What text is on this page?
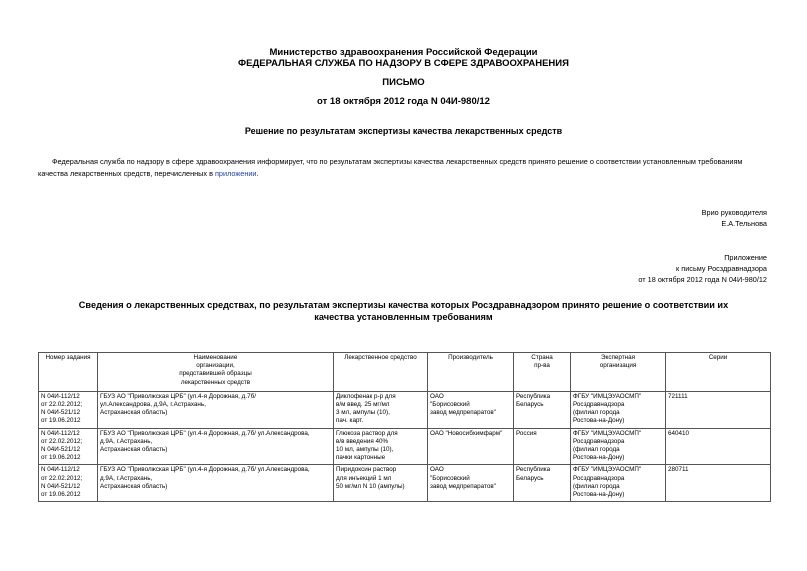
Министерство здравоохранения Российской Федерации
ФЕДЕРАЛЬНАЯ СЛУЖБА ПО НАДЗОРУ В СФЕРЕ ЗДРАВООХРАНЕНИЯ
ПИСЬМО
от 18 октября 2012 года N 04И-980/12
Решение по результатам экспертизы качества лекарственных средств
Федеральная служба по надзору в сфере здравоохранения информирует, что по результатам экспертизы качества лекарственных средств принято решение о соответствии установленным требованиям качества лекарственных средств, перечисленных в приложении.
Врио руководителя
Е.А.Тельнова
Приложение
к письму Росздравнадзора
от 18 октября 2012 года N 04И-980/12
Сведения о лекарственных средствах, по результатам экспертизы качества которых Росздравнадзором принято решение о соответствии их качества установленным требованиям
Номер задания	Наименование
организации,
представившей образцы
лекарственных средств	Лекарственное средство	Производитель	Страна
пр-ва	Экспертная
организация	Серии
N 04И-112/12
от 22.02.2012;
N 04И-521/12
от 19.06.2012	ГБУЗ АО "Приволжская ЦРБ" (ул.4-я Дорожная, д.7б/
ул.Александрова, д.9А, г.Астрахань,
Астраханская область)	Диклофенак р-р для
в/м введ. 25 мг/мл
3 мл, ампулы (10),
пач. карт.	ОАО
"Борисовский
завод медпрепаратов"	Республика
Беларусь	ФГБУ "ИМЦЭУАОСМП"
Росздравнадзора
(филиал города
Ростова-на-Дону)	721111
N 04И-112/12
от 22.02.2012;
N 04И-521/12
от 19.06.2012	ГБУЗ АО "Приволжская ЦРБ" (ул.4-я Дорожная, д.7б/ ул.Александрова,
д.9А, г.Астрахань,
Астраханская область)	Глюкоза раствор для
в/в введения 40%
10 мл, ампулы (10),
пачки картонные	ОАО "Новосибхимфарм"	Россия	ФГБУ "ИМЦЭУАОСМП"
Росздравнадзора
(филиал города
Ростова-на-Дону)	640410
N 04И-112/12
от 22.02.2012;
N 04И-521/12
от 19.06.2012	ГБУЗ АО "Приволжская ЦРБ" (ул.4-я Дорожная, д.7б/ ул.Александрова,
д.9А, г.Астрахань,
Астраханская область)	Пиридоксин раствор
для инъекций 1 мл
50 мг/мл N 10 (ампулы)	ОАО
"Борисовский
завод медпрепаратов"	Республика
Беларусь	ФГБУ "ИМЦЭУАОСМП"
Росздравнадзора
(филиал города
Ростова-на-Дону)	280711
